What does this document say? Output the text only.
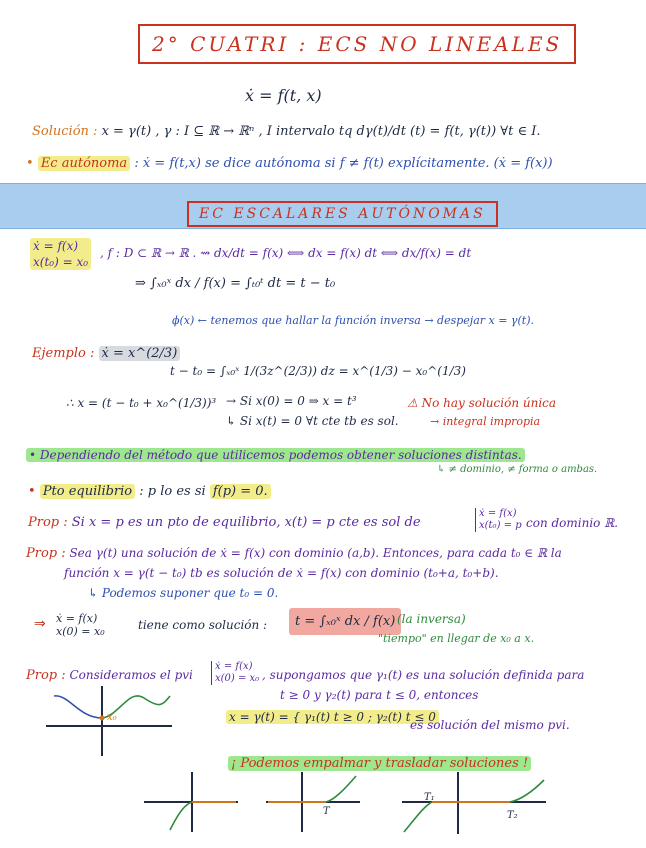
2° CUATRI : ECS NO LINEALES
ẋ = f(t, x)
Solución : x = γ(t) , γ : I ⊆ ℝ → ℝⁿ , I intervalo tq dγ(t)/dt (t) = f(t, γ(t)) ∀t ∈ I.
• Ec autónoma : ẋ = f(t,x) se dice autónoma si f ≠ f(t) explícitamente. (ẋ = f(x))
EC ESCALARES AUTÓNOMAS
ẋ = f(x)
x(t₀) = x₀
, f : D ⊂ ℝ → ℝ . ⇝ dx/dt = f(x) ⟺ dx = f(x) dt ⟺ dx/f(x) = dt
⇒ ∫ₓ₀ˣ dx / f(x) = ∫ₜ₀ᵗ dt = t − t₀
ϕ(x) ← tenemos que hallar la función inversa → despejar x = γ(t).
Ejemplo : ẋ = x^(2/3)
t − t₀ = ∫ₓ₀ˣ 1/(3z^(2/3)) dz = x^(1/3) − x₀^(1/3)
∴ x = (t − t₀ + x₀^(1/3))³ → Si x(0) = 0 ⇒ x = t³
↳ Si x(t) = 0 ∀t cte tb es sol.
⚠ No hay solución única
→ integral impropia
• Dependiendo del método que utilicemos podemos obtener soluciones distintas.
↳ ≠ dominio, ≠ forma o ambas.
• Pto equilibrio : p lo es si f(p) = 0.
Prop : Si x = p es un pto de equilibrio, x(t) = p cte es sol de
ẋ = f(x)
x(t₀) = p con dominio ℝ.
Prop : Sea γ(t) una solución de ẋ = f(x) con dominio (a,b). Entonces, para cada t₀ ∈ ℝ la
función x = γ(t − t₀) tb es solución de ẋ = f(x) con dominio (t₀+a, t₀+b).
↳ Podemos suponer que t₀ = 0.
ẋ = f(x)
x(0) = x₀
⇒	tiene como solución :	t = ∫ₓ₀ˣ dx / f(x) (la inversa)
"tiempo" en llegar de x₀ a x.
Prop : Consideramos el pvi
ẋ = f(x)
x(0) = x₀ , supongamos que γ₁(t) es una solución definida para
t ≥ 0 y γ₂(t) para t ≤ 0, entonces
x₀	x = γ(t) = { γ₁(t) t ≥ 0 ; γ₂(t) t ≤ 0
es solución del mismo pvi.
¡ Podemos empalmar y trasladar soluciones !
T
T₁
T₂
